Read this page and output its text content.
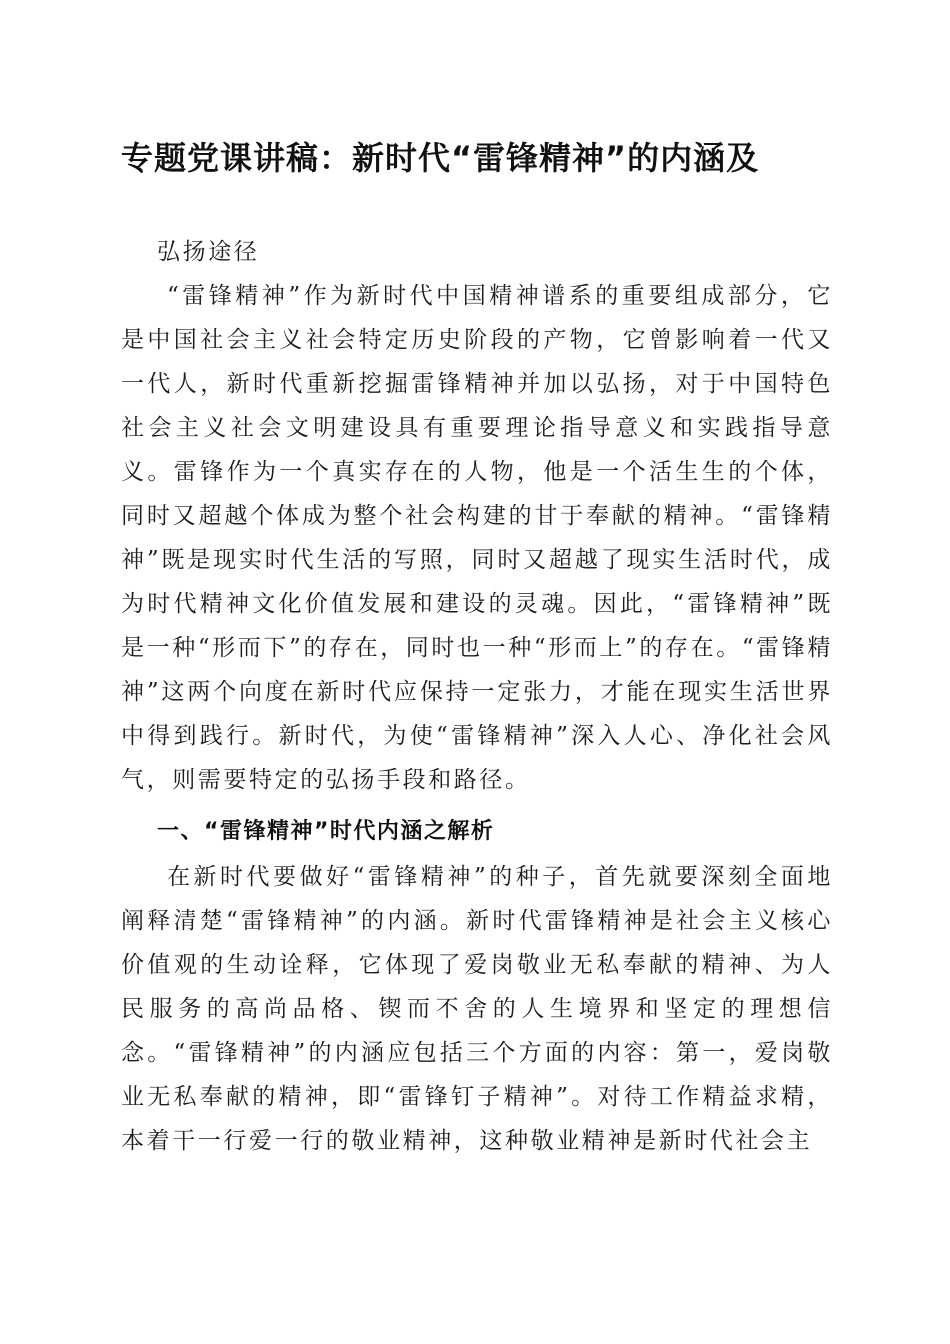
专题党课讲稿：新时代“雷锋精神”的内涵及
弘扬途径

“雷锋精神”作为新时代中国精神谱系的重要组成部分，它是中国社会主义社会特定历史阶段的产物，它曾影响着一代又一代人，新时代重新挖掘雷锋精神并加以弘扬，对于中国特色社会主义社会文明建设具有重要理论指导意义和实践指导意义。雷锋作为一个真实存在的人物，他是一个活生生的个体，同时又超越个体成为整个社会构建的甘于奉献的精神。“雷锋精神”既是现实时代生活的写照，同时又超越了现实生活时代，成为时代精神文化价值发展和建设的灵魂。因此，“雷锋精神”既是一种“形而下”的存在，同时也一种“形而上”的存在。“雷锋精神”这两个向度在新时代应保持一定张力，才能在现实生活世界中得到践行。新时代，为使“雷锋精神”深入人心、净化社会风气，则需要特定的弘扬手段和路径。

一、“雷锋精神”时代内涵之解析

在新时代要做好“雷锋精神”的种子，首先就要深刻全面地阐释清楚“雷锋精神”的内涵。新时代雷锋精神是社会主义核心价值观的生动诠释，它体现了爱岗敬业无私奉献的精神、为人民服务的高尚品格、锲而不舍的人生境界和坚定的理想信念。“雷锋精神”的内涵应包括三个方面的内容：第一，爱岗敬业无私奉献的精神，即“雷锋钉子精神”。对待工作精益求精，本着干一行爱一行的敬业精神，这种敬业精神是新时代社会主
